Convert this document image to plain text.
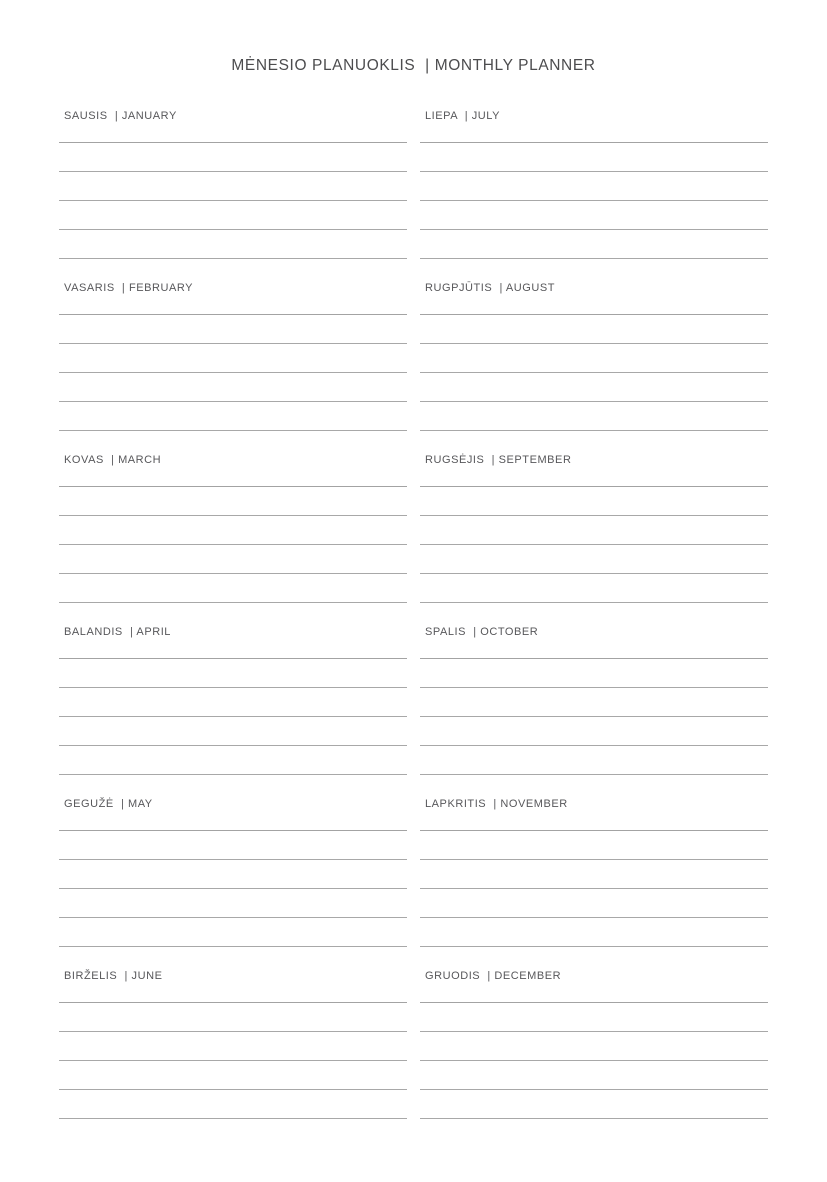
MĖNESIO PLANUOKLIS  | MONTHLY PLANNER
SAUSIS  | JANUARY	LIEPA  | JULY
VASARIS  | FEBRUARY	RUGPJŪTIS  | AUGUST
KOVAS  | MARCH	RUGSĖJIS  | SEPTEMBER
BALANDIS  | APRIL	SPALIS  | OCTOBER
GEGUŽĖ  | MAY	LAPKRITIS  | NOVEMBER
BIRŽELIS  | JUNE	GRUODIS  | DECEMBER
